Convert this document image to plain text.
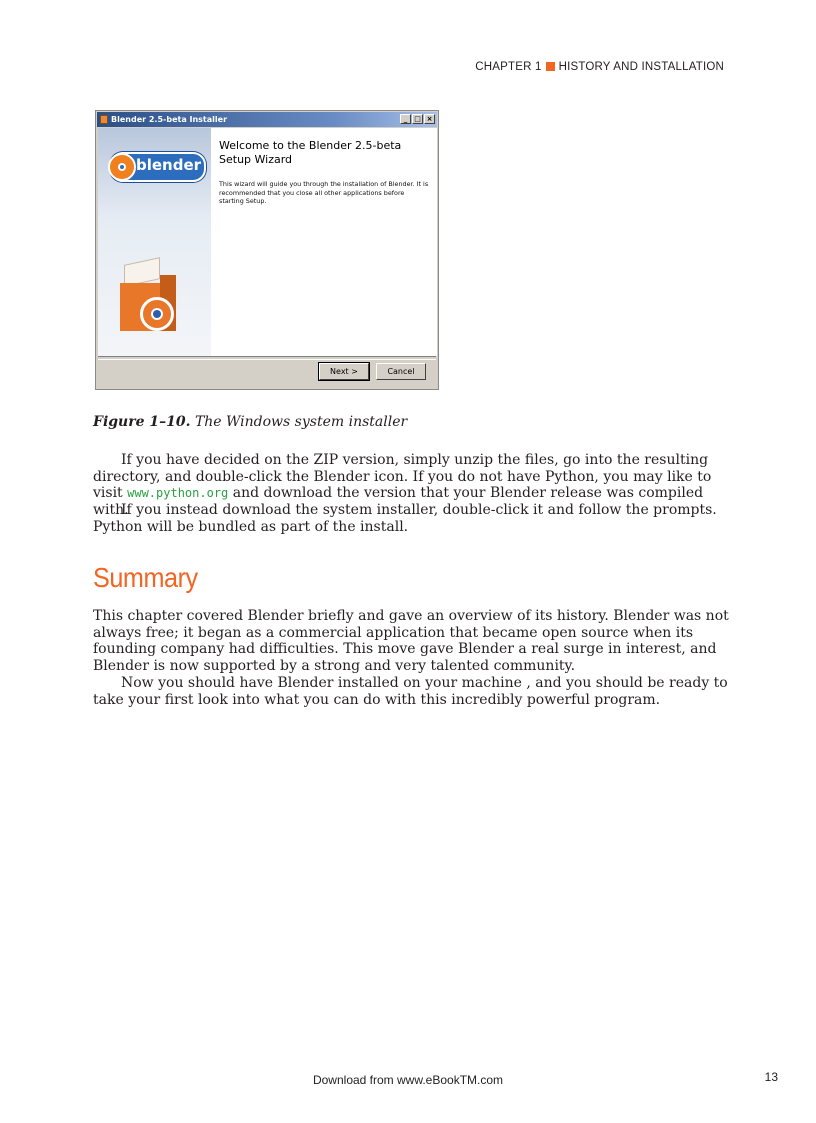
CHAPTER 1 HISTORY AND INSTALLATION
Blender 2.5-beta Installer	_ □ ×
blender
Welcome to the Blender 2.5-beta Setup Wizard
This wizard will guide you through the installation of Blender. It is recommended that you close all other applications before starting Setup.
Next >	Cancel
Figure 1–10. The Windows system installer
If you have decided on the ZIP version, simply unzip the files, go into the resulting directory, and double-click the Blender icon. If you do not have Python, you may like to visit www.python.org and download the version that your Blender release was compiled with.
If you instead download the system installer, double-click it and follow the prompts. Python will be bundled as part of the install.
Summary
This chapter covered Blender briefly and gave an overview of its history. Blender was not always free; it began as a commercial application that became open source when its founding company had difficulties. This move gave Blender a real surge in interest, and Blender is now supported by a strong and very talented community.
Now you should have Blender installed on your machine , and you should be ready to take your first look into what you can do with this incredibly powerful program.
Download from www.eBookTM.com	13
